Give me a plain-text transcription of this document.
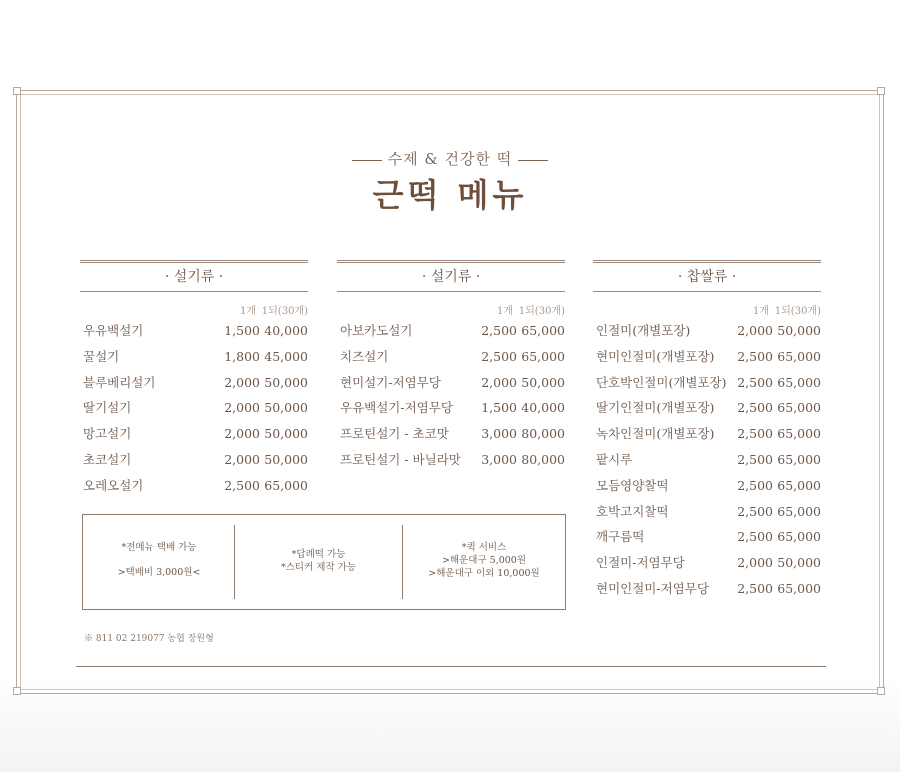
수제 & 건강한 떡
근떡 메뉴
· 설기류 ·
1개 1되(30개)
우유백설기	1,500 40,000
꿀설기	1,800 45,000
블루베리설기	2,000 50,000
딸기설기	2,000 50,000
망고설기	2,000 50,000
초코설기	2,000 50,000
오레오설기	2,500 65,000
· 설기류 ·
1개 1되(30개)
아보카도설기	2,500 65,000
치즈설기	2,500 65,000
현미설기-저염무당	2,000 50,000
우유백설기-저염무당	1,500 40,000
프로틴설기 - 초코맛	3,000 80,000
프로틴설기 - 바닐라맛	3,000 80,000
· 찹쌀류 ·
1개 1되(30개)
인절미(개별포장)	2,000 50,000
현미인절미(개별포장)	2,500 65,000
단호박인절미(개별포장) 2,500 65,000
딸기인절미(개별포장)	2,500 65,000
녹차인절미(개별포장)	2,500 65,000
팥시루	2,500 65,000
모듬영양찰떡	2,500 65,000
호박고지찰떡	2,500 65,000
깨구름떡	2,500 65,000
인절미-저염무당	2,000 50,000
현미인절미-저염무당	2,500 65,000
*전메뉴 택배 가능
>택배비 3,000원<
*답례떡 가능
*스티커 제작 가능
*퀵 서비스
>해운대구 5,000원
>해운대구 이외 10,000원
※ 811 02 219077 농협 장원형
